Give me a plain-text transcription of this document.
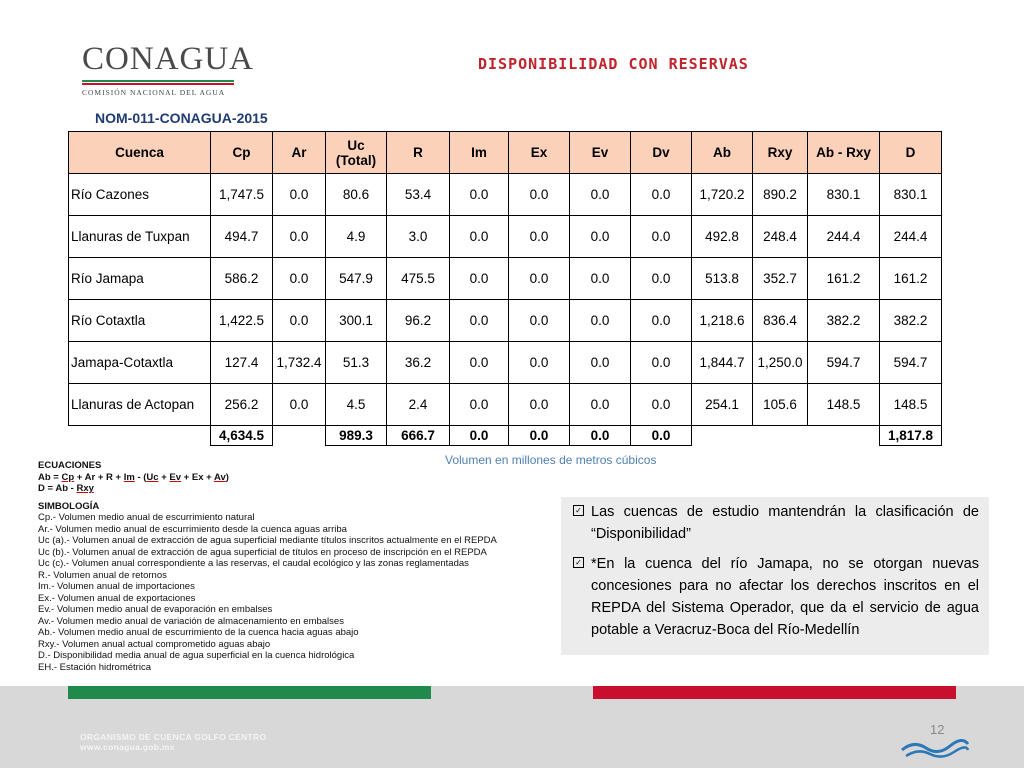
CONAGUA
COMISIÓN NACIONAL DEL AGUA
DISPONIBILIDAD CON RESERVAS
NOM-011-CONAGUA-2015
Cuenca	Cp	Ar	Uc (Total)	R	Im	Ex	Ev	Dv	Ab	Rxy	Ab - Rxy	D
Río Cazones	1,747.5	0.0	80.6	53.4	0.0	0.0	0.0	0.0	1,720.2	890.2	830.1	830.1
Llanuras de Tuxpan	494.7	0.0	4.9	3.0	0.0	0.0	0.0	0.0	492.8	248.4	244.4	244.4
Río Jamapa	586.2	0.0	547.9	475.5	0.0	0.0	0.0	0.0	513.8	352.7	161.2	161.2
Río Cotaxtla	1,422.5	0.0	300.1	96.2	0.0	0.0	0.0	0.0	1,218.6	836.4	382.2	382.2
Jamapa-Cotaxtla	127.4	1,732.4	51.3	36.2	0.0	0.0	0.0	0.0	1,844.7	1,250.0	594.7	594.7
Llanuras de Actopan	256.2	0.0	4.5	2.4	0.0	0.0	0.0	0.0	254.1	105.6	148.5	148.5
	4,634.5		989.3	666.7	0.0	0.0	0.0	0.0				1,817.8
Volumen en millones de metros cúbicos
ECUACIONES
Ab = Cp + Ar + R + Im - (Uc + Ev + Ex + Av)
D = Ab - Rxy
SIMBOLOGÍA
Cp.- Volumen medio anual de escurrimiento natural
Ar.- Volumen medio anual de escurrimiento desde la cuenca aguas arriba
Uc (a).- Volumen anual de extracción de agua superficial mediante títulos inscritos actualmente en el REPDA
Uc (b).- Volumen anual de extracción de agua superficial de títulos en proceso de inscripción en el REPDA
Uc (c).- Volumen anual correspondiente a las reservas, el caudal ecológico y las zonas reglamentadas
R.- Volumen anual de retornos
Im.- Volumen anual de importaciones
Ex.- Volumen anual de exportaciones
Ev.- Volumen medio anual de evaporación en embalses
Av.- Volumen medio anual de variación de almacenamiento en embalses
Ab.- Volumen medio anual de escurrimiento de la cuenca hacia aguas abajo
Rxy.- Volumen anual actual comprometido aguas abajo
D.- Disponibilidad media anual de agua superficial en la cuenca hidrológica
EH.- Estación hidrométrica
✓ Las cuencas de estudio mantendrán la clasificación de “Disponibilidad”
✓ *En la cuenca del río Jamapa, no se otorgan nuevas concesiones para no afectar los derechos inscritos en el REPDA del Sistema Operador, que da el servicio de agua potable a Veracruz-Boca del Río-Medellín
ORGANISMO DE CUENCA GOLFO CENTRO
www.conagua.gob.mx
12
